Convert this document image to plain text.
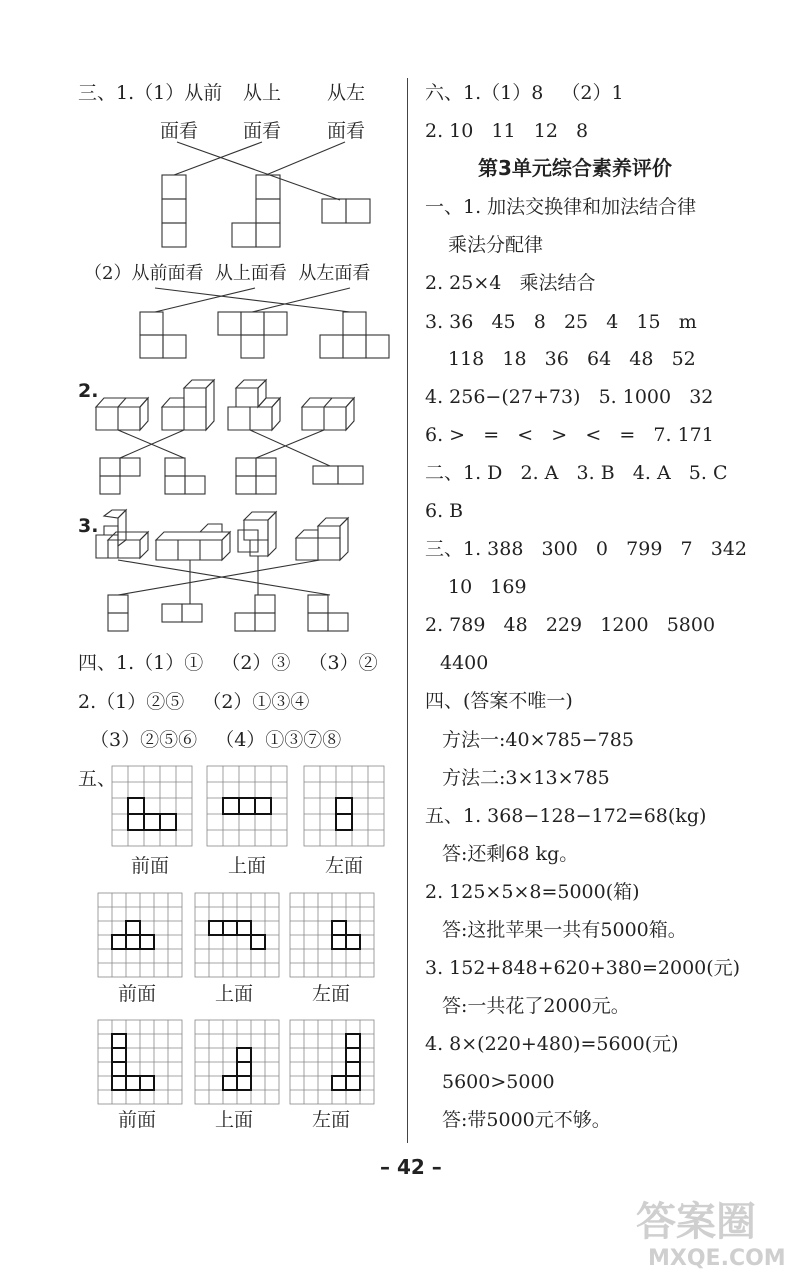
三、1.（1）从前 从上 从左
面看 面看 面看
（2）从前面看  从上面看  从左面看
2.
3.
四、1.（1）①   （2）③   （3）②
2.（1）②⑤   （2）①③④
（3）②⑤⑥   （4）①③⑦⑧
五、
前面	上面	左面
前面	上面	左面
前面	上面	左面
六、1.（1）8   （2）1
2. 10   11   12   8
第3单元综合素养评价
一、1. 加法交换律和加法结合律
乘法分配律
2. 25×4   乘法结合
3. 36   45   8   25   4   15   m
118   18   36   64   48   52
4. 256−(27+73)   5. 1000   32
6. >   =   <   >   <   =   7. 171
二、1. D   2. A   3. B   4. A   5. C
6. B
三、1. 388   300   0   799   7   342
10   169
2. 789   48   229   1200   5800
4400
四、(答案不唯一)
方法一:40×785−785
方法二:3×13×785
五、1. 368−128−172=68(kg)
答:还剩68 kg。
2. 125×5×8=5000(箱)
答:这批苹果一共有5000箱。
3. 152+848+620+380=2000(元)
答:一共花了2000元。
4. 8×(220+480)=5600(元)
5600>5000
答:带5000元不够。
– 42 –
答案圈
MXQE.COM
